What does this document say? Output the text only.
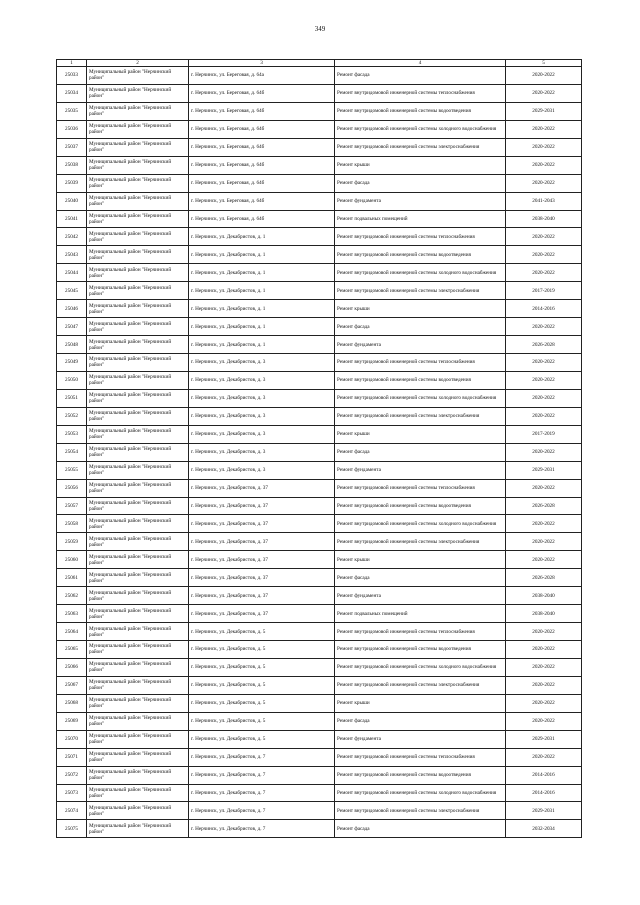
349
1	2	3	4	5
25033	Муниципальный район "Нерчинский район"	г. Нерчинск, ул. Береговая, д. 64а	Ремонт фасада	2020-2022
25034	Муниципальный район "Нерчинский район"	г. Нерчинск, ул. Береговая, д. 64б	Ремонт внутридомовой инженерной системы теплоснабжения	2020-2022
25035	Муниципальный район "Нерчинский район"	г. Нерчинск, ул. Береговая, д. 64б	Ремонт внутридомовой инженерной системы водоотведения	2029-2031
25036	Муниципальный район "Нерчинский район"	г. Нерчинск, ул. Береговая, д. 64б	Ремонт внутридомовой инженерной системы холодного водоснабжения	2020-2022
25037	Муниципальный район "Нерчинский район"	г. Нерчинск, ул. Береговая, д. 64б	Ремонт внутридомовой инженерной системы электроснабжения	2020-2022
25038	Муниципальный район "Нерчинский район"	г. Нерчинск, ул. Береговая, д. 64б	Ремонт крыши	2020-2022
25039	Муниципальный район "Нерчинский район"	г. Нерчинск, ул. Береговая, д. 64б	Ремонт фасада	2020-2022
25040	Муниципальный район "Нерчинский район"	г. Нерчинск, ул. Береговая, д. 64б	Ремонт фундамента	2041-2043
25041	Муниципальный район "Нерчинский район"	г. Нерчинск, ул. Береговая, д. 64б	Ремонт подвальных помещений	2038-2040
25042	Муниципальный район "Нерчинский район"	г. Нерчинск, ул. Декабристов, д. 1	Ремонт внутридомовой инженерной системы теплоснабжения	2020-2022
25043	Муниципальный район "Нерчинский район"	г. Нерчинск, ул. Декабристов, д. 1	Ремонт внутридомовой инженерной системы водоотведения	2020-2022
25044	Муниципальный район "Нерчинский район"	г. Нерчинск, ул. Декабристов, д. 1	Ремонт внутридомовой инженерной системы холодного водоснабжения	2020-2022
25045	Муниципальный район "Нерчинский район"	г. Нерчинск, ул. Декабристов, д. 1	Ремонт внутридомовой инженерной системы электроснабжения	2017-2019
25046	Муниципальный район "Нерчинский район"	г. Нерчинск, ул. Декабристов, д. 1	Ремонт крыши	2014-2016
25047	Муниципальный район "Нерчинский район"	г. Нерчинск, ул. Декабристов, д. 1	Ремонт фасада	2020-2022
25048	Муниципальный район "Нерчинский район"	г. Нерчинск, ул. Декабристов, д. 1	Ремонт фундамента	2026-2028
25049	Муниципальный район "Нерчинский район"	г. Нерчинск, ул. Декабристов, д. 3	Ремонт внутридомовой инженерной системы теплоснабжения	2020-2022
25050	Муниципальный район "Нерчинский район"	г. Нерчинск, ул. Декабристов, д. 3	Ремонт внутридомовой инженерной системы водоотведения	2020-2022
25051	Муниципальный район "Нерчинский район"	г. Нерчинск, ул. Декабристов, д. 3	Ремонт внутридомовой инженерной системы холодного водоснабжения	2020-2022
25052	Муниципальный район "Нерчинский район"	г. Нерчинск, ул. Декабристов, д. 3	Ремонт внутридомовой инженерной системы электроснабжения	2020-2022
25053	Муниципальный район "Нерчинский район"	г. Нерчинск, ул. Декабристов, д. 3	Ремонт крыши	2017-2019
25054	Муниципальный район "Нерчинский район"	г. Нерчинск, ул. Декабристов, д. 3	Ремонт фасада	2020-2022
25055	Муниципальный район "Нерчинский район"	г. Нерчинск, ул. Декабристов, д. 3	Ремонт фундамента	2029-2031
25056	Муниципальный район "Нерчинский район"	г. Нерчинск, ул. Декабристов, д. 37	Ремонт внутридомовой инженерной системы теплоснабжения	2020-2022
25057	Муниципальный район "Нерчинский район"	г. Нерчинск, ул. Декабристов, д. 37	Ремонт внутридомовой инженерной системы водоотведения	2026-2028
25058	Муниципальный район "Нерчинский район"	г. Нерчинск, ул. Декабристов, д. 37	Ремонт внутридомовой инженерной системы холодного водоснабжения	2020-2022
25059	Муниципальный район "Нерчинский район"	г. Нерчинск, ул. Декабристов, д. 37	Ремонт внутридомовой инженерной системы электроснабжения	2020-2022
25060	Муниципальный район "Нерчинский район"	г. Нерчинск, ул. Декабристов, д. 37	Ремонт крыши	2020-2022
25061	Муниципальный район "Нерчинский район"	г. Нерчинск, ул. Декабристов, д. 37	Ремонт фасада	2026-2028
25062	Муниципальный район "Нерчинский район"	г. Нерчинск, ул. Декабристов, д. 37	Ремонт фундамента	2038-2040
25063	Муниципальный район "Нерчинский район"	г. Нерчинск, ул. Декабристов, д. 37	Ремонт подвальных помещений	2038-2040
25064	Муниципальный район "Нерчинский район"	г. Нерчинск, ул. Декабристов, д. 5	Ремонт внутридомовой инженерной системы теплоснабжения	2020-2022
25065	Муниципальный район "Нерчинский район"	г. Нерчинск, ул. Декабристов, д. 5	Ремонт внутридомовой инженерной системы водоотведения	2020-2022
25066	Муниципальный район "Нерчинский район"	г. Нерчинск, ул. Декабристов, д. 5	Ремонт внутридомовой инженерной системы холодного водоснабжения	2020-2022
25067	Муниципальный район "Нерчинский район"	г. Нерчинск, ул. Декабристов, д. 5	Ремонт внутридомовой инженерной системы электроснабжения	2020-2022
25068	Муниципальный район "Нерчинский район"	г. Нерчинск, ул. Декабристов, д. 5	Ремонт крыши	2020-2022
25069	Муниципальный район "Нерчинский район"	г. Нерчинск, ул. Декабристов, д. 5	Ремонт фасада	2020-2022
25070	Муниципальный район "Нерчинский район"	г. Нерчинск, ул. Декабристов, д. 5	Ремонт фундамента	2029-2031
25071	Муниципальный район "Нерчинский район"	г. Нерчинск, ул. Декабристов, д. 7	Ремонт внутридомовой инженерной системы теплоснабжения	2020-2022
25072	Муниципальный район "Нерчинский район"	г. Нерчинск, ул. Декабристов, д. 7	Ремонт внутридомовой инженерной системы водоотведения	2014-2016
25073	Муниципальный район "Нерчинский район"	г. Нерчинск, ул. Декабристов, д. 7	Ремонт внутридомовой инженерной системы холодного водоснабжения	2014-2016
25074	Муниципальный район "Нерчинский район"	г. Нерчинск, ул. Декабристов, д. 7	Ремонт внутридомовой инженерной системы электроснабжения	2029-2031
25075	Муниципальный район "Нерчинский район"	г. Нерчинск, ул. Декабристов, д. 7	Ремонт фасада	2032-2034
